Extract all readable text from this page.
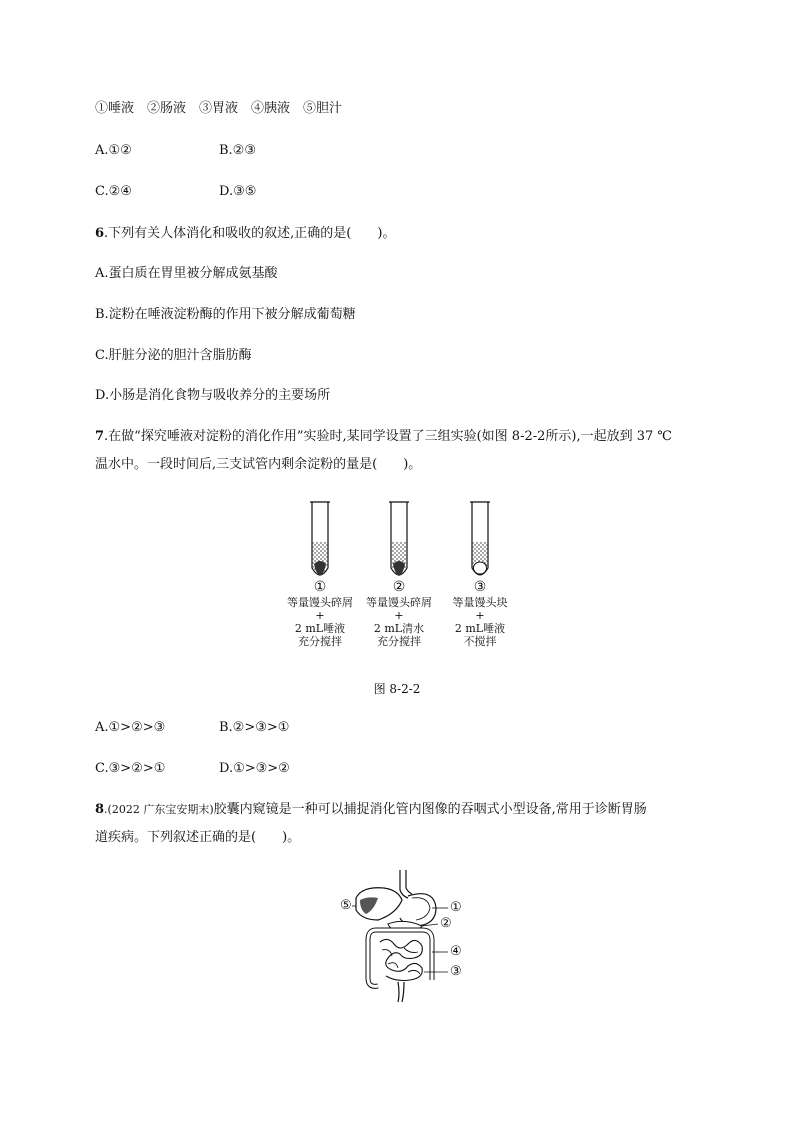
①唾液　②肠液　③胃液　④胰液　⑤胆汁
A.①②	B.②③
C.②④	D.③⑤
6.下列有关人体消化和吸收的叙述,正确的是(　　)。
A.蛋白质在胃里被分解成氨基酸
B.淀粉在唾液淀粉酶的作用下被分解成葡萄糖
C.肝脏分泌的胆汁含脂肪酶
D.小肠是消化食物与吸收养分的主要场所
7.在做“探究唾液对淀粉的消化作用”实验时,某同学设置了三组实验(如图 8-2-2所示),一起放到 37 ℃
温水中。一段时间后,三支试管内剩余淀粉的量是(　　)。
①
等量馒头碎屑
+
2 mL唾液
充分搅拌
②
等量馒头碎屑
+
2 mL清水
充分搅拌
③
等量馒头块
+
2 mL唾液
不搅拌
图 8-2-2
A.①>②>③	B.②>③>①
C.③>②>①	D.①>③>②
8.(2022 广东宝安期末)胶囊内窥镜是一种可以捕捉消化管内图像的吞咽式小型设备,常用于诊断胃肠
道疾病。下列叙述正确的是(　　)。
⑤	①
②
④
③
